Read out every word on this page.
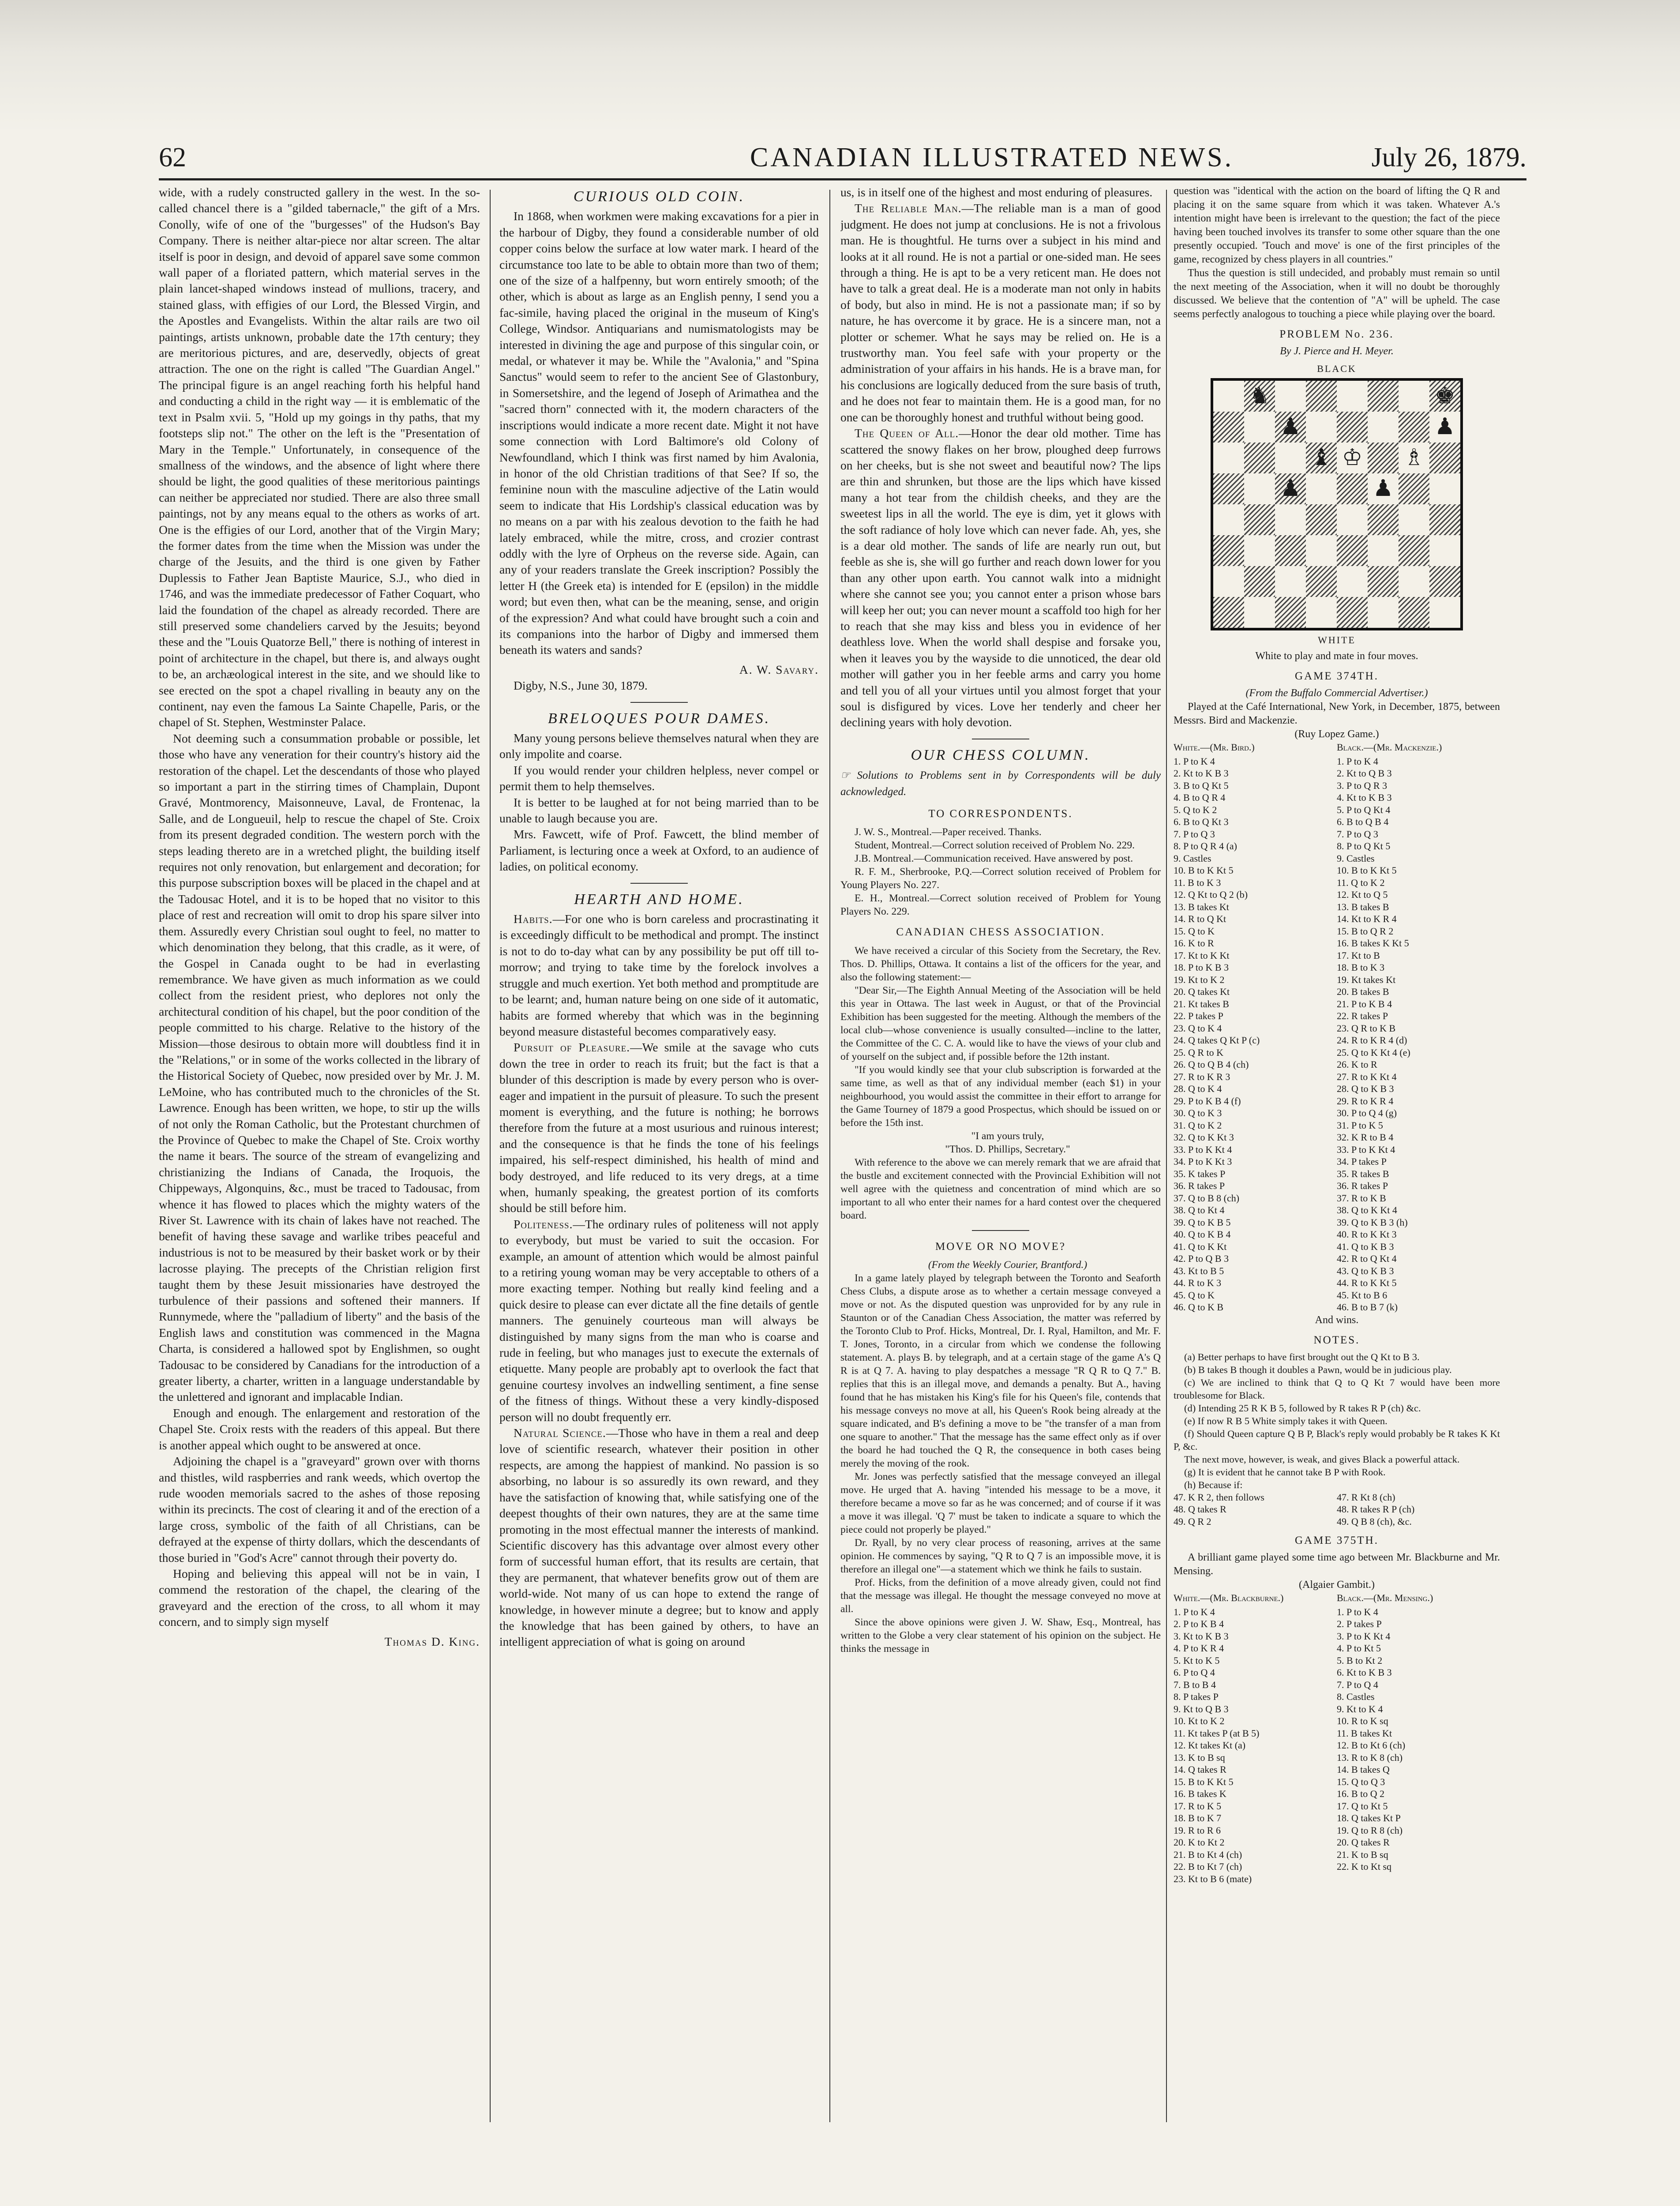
62	CANADIAN ILLUSTRATED NEWS.	July 26, 1879.

wide, with a rudely constructed gallery in the west. In the so-called chancel there is a "gilded tabernacle," the gift of a Mrs. Conolly, wife of one of the "burgesses" of the Hudson's Bay Company. There is neither altar-piece nor altar screen. The altar itself is poor in design, and devoid of apparel save some common wall paper of a floriated pattern, which material serves in the plain lancet-shaped windows instead of mullions, tracery, and stained glass, with effigies of our Lord, the Blessed Virgin, and the Apostles and Evangelists. Within the altar rails are two oil paintings, artists unknown, probable date the 17th century; they are meritorious pictures, and are, deservedly, objects of great attraction. The one on the right is called "The Guardian Angel." The principal figure is an angel reaching forth his helpful hand and conducting a child in the right way — it is emblematic of the text in Psalm xvii. 5, "Hold up my goings in thy paths, that my footsteps slip not." The other on the left is the "Presentation of Mary in the Temple." Unfortunately, in consequence of the smallness of the windows, and the absence of light where there should be light, the good qualities of these meritorious paintings can neither be appreciated nor studied. There are also three small paintings, not by any means equal to the others as works of art. One is the effigies of our Lord, another that of the Virgin Mary; the former dates from the time when the Mission was under the charge of the Jesuits, and the third is one given by Father Duplessis to Father Jean Baptiste Maurice, S.J., who died in 1746, and was the immediate predecessor of Father Coquart, who laid the foundation of the chapel as already recorded. There are still preserved some chandeliers carved by the Jesuits; beyond these and the "Louis Quatorze Bell," there is nothing of interest in point of architecture in the chapel, but there is, and always ought to be, an archæological interest in the site, and we should like to see erected on the spot a chapel rivalling in beauty any on the continent, nay even the famous La Sainte Chapelle, Paris, or the chapel of St. Stephen, Westminster Palace.

Not deeming such a consummation probable or possible, let those who have any veneration for their country's history aid the restoration of the chapel. Let the descendants of those who played so important a part in the stirring times of Champlain, Dupont Gravé, Montmorency, Maisonneuve, Laval, de Frontenac, la Salle, and de Longueuil, help to rescue the chapel of Ste. Croix from its present degraded condition. The western porch with the steps leading thereto are in a wretched plight, the building itself requires not only renovation, but enlargement and decoration; for this purpose subscription boxes will be placed in the chapel and at the Tadousac Hotel, and it is to be hoped that no visitor to this place of rest and recreation will omit to drop his spare silver into them. Assuredly every Christian soul ought to feel, no matter to which denomination they belong, that this cradle, as it were, of the Gospel in Canada ought to be had in everlasting remembrance. We have given as much information as we could collect from the resident priest, who deplores not only the architectural condition of his chapel, but the poor condition of the people committed to his charge. Relative to the history of the Mission—those desirous to obtain more will doubtless find it in the "Relations," or in some of the works collected in the library of the Historical Society of Quebec, now presided over by Mr. J. M. LeMoine, who has contributed much to the chronicles of the St. Lawrence. Enough has been written, we hope, to stir up the wills of not only the Roman Catholic, but the Protestant churchmen of the Province of Quebec to make the Chapel of Ste. Croix worthy the name it bears. The source of the stream of evangelizing and christianizing the Indians of Canada, the Iroquois, the Chippeways, Algonquins, &c., must be traced to Tadousac, from whence it has flowed to places which the mighty waters of the River St. Lawrence with its chain of lakes have not reached. The benefit of having these savage and warlike tribes peaceful and industrious is not to be measured by their basket work or by their lacrosse playing. The precepts of the Christian religion first taught them by these Jesuit missionaries have destroyed the turbulence of their passions and softened their manners. If Runnymede, where the "palladium of liberty" and the basis of the English laws and constitution was commenced in the Magna Charta, is considered a hallowed spot by Englishmen, so ought Tadousac to be considered by Canadians for the introduction of a greater liberty, a charter, written in a language understandable by the unlettered and ignorant and implacable Indian.

Enough and enough. The enlargement and restoration of the Chapel Ste. Croix rests with the readers of this appeal. But there is another appeal which ought to be answered at once.

Adjoining the chapel is a "graveyard" grown over with thorns and thistles, wild raspberries and rank weeds, which overtop the rude wooden memorials sacred to the ashes of those reposing within its precincts. The cost of clearing it and of the erection of a large cross, symbolic of the faith of all Christians, can be defrayed at the expense of thirty dollars, which the descendants of those buried in "God's Acre" cannot through their poverty do.

Hoping and believing this appeal will not be in vain, I commend the restoration of the chapel, the clearing of the graveyard and the erection of the cross, to all whom it may concern, and to simply sign myself

Thomas D. King.
CURIOUS OLD COIN.

In 1868, when workmen were making excavations for a pier in the harbour of Digby, they found a considerable number of old copper coins below the surface at low water mark. I heard of the circumstance too late to be able to obtain more than two of them; one of the size of a halfpenny, but worn entirely smooth; of the other, which is about as large as an English penny, I send you a fac-simile, having placed the original in the museum of King's College, Windsor. Antiquarians and numismatologists may be interested in divining the age and purpose of this singular coin, or medal, or whatever it may be. While the "Avalonia," and "Spina Sanctus" would seem to refer to the ancient See of Glastonbury, in Somersetshire, and the legend of Joseph of Arimathea and the "sacred thorn" connected with it, the modern characters of the inscriptions would indicate a more recent date. Might it not have some connection with Lord Baltimore's old Colony of Newfoundland, which I think was first named by him Avalonia, in honor of the old Christian traditions of that See? If so, the feminine noun with the masculine adjective of the Latin would seem to indicate that His Lordship's classical education was by no means on a par with his zealous devotion to the faith he had lately embraced, while the mitre, cross, and crozier contrast oddly with the lyre of Orpheus on the reverse side. Again, can any of your readers translate the Greek inscription? Possibly the letter H (the Greek eta) is intended for E (epsilon) in the middle word; but even then, what can be the meaning, sense, and origin of the expression? And what could have brought such a coin and its companions into the harbor of Digby and immersed them beneath its waters and sands?

A. W. Savary.

Digby, N.S., June 30, 1879.

BRELOQUES POUR DAMES.

Many young persons believe themselves natural when they are only impolite and coarse.

If you would render your children helpless, never compel or permit them to help themselves.

It is better to be laughed at for not being married than to be unable to laugh because you are.

Mrs. Fawcett, wife of Prof. Fawcett, the blind member of Parliament, is lecturing once a week at Oxford, to an audience of ladies, on political economy.

HEARTH AND HOME.

Habits.—For one who is born careless and procrastinating it is exceedingly difficult to be methodical and prompt. The instinct is not to do to-day what can by any possibility be put off till to-morrow; and trying to take time by the forelock involves a struggle and much exertion. Yet both method and promptitude are to be learnt; and, human nature being on one side of it automatic, habits are formed whereby that which was in the beginning beyond measure distasteful becomes comparatively easy.

Pursuit of Pleasure.—We smile at the savage who cuts down the tree in order to reach its fruit; but the fact is that a blunder of this description is made by every person who is over-eager and impatient in the pursuit of pleasure. To such the present moment is everything, and the future is nothing; he borrows therefore from the future at a most usurious and ruinous interest; and the consequence is that he finds the tone of his feelings impaired, his self-respect diminished, his health of mind and body destroyed, and life reduced to its very dregs, at a time when, humanly speaking, the greatest portion of its comforts should be still before him.

Politeness.—The ordinary rules of politeness will not apply to everybody, but must be varied to suit the occasion. For example, an amount of attention which would be almost painful to a retiring young woman may be very acceptable to others of a more exacting temper. Nothing but really kind feeling and a quick desire to please can ever dictate all the fine details of gentle manners. The genuinely courteous man will always be distinguished by many signs from the man who is coarse and rude in feeling, but who manages just to execute the externals of etiquette. Many people are probably apt to overlook the fact that genuine courtesy involves an indwelling sentiment, a fine sense of the fitness of things. Without these a very kindly-disposed person will no doubt frequently err.

Natural Science.—Those who have in them a real and deep love of scientific research, whatever their position in other respects, are among the happiest of mankind. No passion is so absorbing, no labour is so assuredly its own reward, and they have the satisfaction of knowing that, while satisfying one of the deepest thoughts of their own natures, they are at the same time promoting in the most effectual manner the interests of mankind. Scientific discovery has this advantage over almost every other form of successful human effort, that its results are certain, that they are permanent, that whatever benefits grow out of them are world-wide. Not many of us can hope to extend the range of knowledge, in however minute a degree; but to know and apply the knowledge that has been gained by others, to have an intelligent appreciation of what is going on around

us, is in itself one of the highest and most enduring of pleasures.

The Reliable Man.—The reliable man is a man of good judgment. He does not jump at conclusions. He is not a frivolous man. He is thoughtful. He turns over a subject in his mind and looks at it all round. He is not a partial or one-sided man. He sees through a thing. He is apt to be a very reticent man. He does not have to talk a great deal. He is a moderate man not only in habits of body, but also in mind. He is not a passionate man; if so by nature, he has overcome it by grace. He is a sincere man, not a plotter or schemer. What he says may be relied on. He is a trustworthy man. You feel safe with your property or the administration of your affairs in his hands. He is a brave man, for his conclusions are logically deduced from the sure basis of truth, and he does not fear to maintain them. He is a good man, for no one can be thoroughly honest and truthful without being good.

The Queen of All.—Honor the dear old mother. Time has scattered the snowy flakes on her brow, ploughed deep furrows on her cheeks, but is she not sweet and beautiful now? The lips are thin and shrunken, but those are the lips which have kissed many a hot tear from the childish cheeks, and they are the sweetest lips in all the world. The eye is dim, yet it glows with the soft radiance of holy love which can never fade. Ah, yes, she is a dear old mother. The sands of life are nearly run out, but feeble as she is, she will go further and reach down lower for you than any other upon earth. You cannot walk into a midnight where she cannot see you; you cannot enter a prison whose bars will keep her out; you can never mount a scaffold too high for her to reach that she may kiss and bless you in evidence of her deathless love. When the world shall despise and forsake you, when it leaves you by the wayside to die unnoticed, the dear old mother will gather you in her feeble arms and carry you home and tell you of all your virtues until you almost forget that your soul is disfigured by vices. Love her tenderly and cheer her declining years with holy devotion.

OUR CHESS COLUMN.
☞ Solutions to Problems sent in by Correspondents will be duly acknowledged.
TO CORRESPONDENTS.

J. W. S., Montreal.—Paper received. Thanks.

Student, Montreal.—Correct solution received of Problem No. 229.

J.B. Montreal.—Communication received. Have answered by post.

R. F. M., Sherbrooke, P.Q.—Correct solution received of Problem for Young Players No. 227.

E. H., Montreal.—Correct solution received of Problem for Young Players No. 229.

CANADIAN CHESS ASSOCIATION.

We have received a circular of this Society from the Secretary, the Rev. Thos. D. Phillips, Ottawa. It contains a list of the officers for the year, and also the following statement:—

"Dear Sir,—The Eighth Annual Meeting of the Association will be held this year in Ottawa. The last week in August, or that of the Provincial Exhibition has been suggested for the meeting. Although the members of the local club—whose convenience is usually consulted—incline to the latter, the Committee of the C. C. A. would like to have the views of your club and of yourself on the subject and, if possible before the 12th instant.

"If you would kindly see that your club subscription is forwarded at the same time, as well as that of any individual member (each $1) in your neighbourhood, you would assist the committee in their effort to arrange for the Game Tourney of 1879 a good Prospectus, which should be issued on or before the 15th inst.

"I am yours truly,

"Thos. D. Phillips, Secretary."

With reference to the above we can merely remark that we are afraid that the bustle and excitement connected with the Provincial Exhibition will not well agree with the quietness and concentration of mind which are so important to all who enter their names for a hard contest over the chequered board.

MOVE OR NO MOVE?

(From the Weekly Courier, Brantford.)

In a game lately played by telegraph between the Toronto and Seaforth Chess Clubs, a dispute arose as to whether a certain message conveyed a move or not. As the disputed question was unprovided for by any rule in Staunton or of the Canadian Chess Association, the matter was referred by the Toronto Club to Prof. Hicks, Montreal, Dr. I. Ryal, Hamilton, and Mr. F. T. Jones, Toronto, in a circular from which we condense the following statement. A. plays B. by telegraph, and at a certain stage of the game A's Q R is at Q 7. A. having to play despatches a message "R Q R to Q 7." B. replies that this is an illegal move, and demands a penalty. But A., having found that he has mistaken his King's file for his Queen's file, contends that his message conveys no move at all, his Queen's Rook being already at the square indicated, and B's defining a move to be "the transfer of a man from one square to another." That the message has the same effect only as if over the board he had touched the Q R, the consequence in both cases being merely the moving of the rook.

Mr. Jones was perfectly satisfied that the message conveyed an illegal move. He urged that A. having "intended his message to be a move, it therefore became a move so far as he was concerned; and of course if it was a move it was illegal. 'Q 7' must be taken to indicate a square to which the piece could not properly be played."

Dr. Ryall, by no very clear process of reasoning, arrives at the same opinion. He commences by saying, "Q R to Q 7 is an impossible move, it is therefore an illegal one"—a statement which we think he fails to sustain.

Prof. Hicks, from the definition of a move already given, could not find that the message was illegal. He thought the message conveyed no move at all.

Since the above opinions were given J. W. Shaw, Esq., Montreal, has written to the Globe a very clear statement of his opinion on the subject. He thinks the message in

question was "identical with the action on the board of lifting the Q R and placing it on the same square from which it was taken. Whatever A.'s intention might have been is irrelevant to the question; the fact of the piece having been touched involves its transfer to some other square than the one presently occupied. 'Touch and move' is one of the first principles of the game, recognized by chess players in all countries."

Thus the question is still undecided, and probably must remain so until the next meeting of the Association, when it will no doubt be thoroughly discussed. We believe that the contention of "A" will be upheld. The case seems perfectly analogous to touching a piece while playing over the board.

PROBLEM No. 236.
By J. Pierce and H. Meyer.
BLACK
♞	♚
♟	♟
♝ ♔ ♗
♟	♟
WHITE
White to play and mate in four moves.
GAME 374TH.
(From the Buffalo Commercial Advertiser.)

Played at the Café International, New York, in December, 1875, between Messrs. Bird and Mackenzie.

(Ruy Lopez Game.)
White.—(Mr. Bird.)	Black.—(Mr. Mackenzie.)
1. P to K 4	1. P to K 4
2. Kt to K B 3	2. Kt to Q B 3
3. B to Q Kt 5	3. P to Q R 3
4. B to Q R 4	4. Kt to K B 3
5. Q to K 2	5. P to Q Kt 4
6. B to Q Kt 3	6. B to Q B 4
7. P to Q 3	7. P to Q 3
8. P to Q R 4 (a)	8. P to Q Kt 5
9. Castles	9. Castles
10. B to K Kt 5	10. B to K Kt 5
11. B to K 3	11. Q to K 2
12. Q Kt to Q 2 (b)	12. Kt to Q 5
13. B takes Kt	13. B takes B
14. R to Q Kt	14. Kt to K R 4
15. Q to K	15. B to Q R 2
16. K to R	16. B takes K Kt 5
17. Kt to K Kt	17. Kt to B
18. P to K B 3	18. B to K 3
19. Kt to K 2	19. Kt takes Kt
20. Q takes Kt	20. B takes B
21. Kt takes B	21. P to K B 4
22. P takes P	22. R takes P
23. Q to K 4	23. Q R to K B
24. Q takes Q Kt P (c)	24. R to K R 4 (d)
25. Q R to K	25. Q to K Kt 4 (e)
26. Q to Q B 4 (ch)	26. K to R
27. R to K R 3	27. R to K Kt 4
28. Q to K 4	28. Q to K B 3
29. P to K B 4 (f)	29. R to K R 4
30. Q to K 3	30. P to Q 4 (g)
31. Q to K 2	31. P to K 5
32. Q to K Kt 3	32. K R to B 4
33. P to K Kt 4	33. P to K Kt 4
34. P to K Kt 3	34. P takes P
35. K takes P	35. R takes B
36. R takes P	36. R takes P
37. Q to B 8 (ch)	37. R to K B
38. Q to Kt 4	38. Q to K Kt 4
39. Q to K B 5	39. Q to K B 3 (h)
40. Q to K B 4	40. R to K Kt 3
41. Q to K Kt	41. Q to K B 3
42. P to Q B 3	42. R to Q Kt 4
43. Kt to B 5	43. Q to K B 3
44. R to K 3	44. R to K Kt 5
45. Q to K	45. Kt to B 6
46. Q to K B	46. B to B 7 (k)
And wins.
NOTES.

(a) Better perhaps to have first brought out the Q Kt to B 3.

(b) B takes B though it doubles a Pawn, would be in judicious play.

(c) We are inclined to think that Q to Q Kt 7 would have been more troublesome for Black.

(d) Intending 25 R K B 5, followed by R takes R P (ch) &c.

(e) If now R B 5 White simply takes it with Queen.

(f) Should Queen capture Q B P, Black's reply would probably be R takes K Kt P, &c.

The next move, however, is weak, and gives Black a powerful attack.

(g) It is evident that he cannot take B P with Rook.

(h) Because if:

47. K R 2, then follows	47. R Kt 8 (ch)
48. Q takes R	48. R takes R P (ch)
49. Q R 2	49. Q B 8 (ch), &c.
GAME 375TH.

A brilliant game played some time ago between Mr. Blackburne and Mr. Mensing.

(Algaier Gambit.)
White.—(Mr. Blackburne.)	Black.—(Mr. Mensing.)
1. P to K 4	1. P to K 4
2. P to K B 4	2. P takes P
3. Kt to K B 3	3. P to K Kt 4
4. P to K R 4	4. P to Kt 5
5. Kt to K 5	5. B to Kt 2
6. P to Q 4	6. Kt to K B 3
7. B to B 4	7. P to Q 4
8. P takes P	8. Castles
9. Kt to Q B 3	9. Kt to K 4
10. Kt to K 2	10. R to K sq
11. Kt takes P (at B 5)	11. B takes Kt
12. Kt takes Kt (a)	12. B to Kt 6 (ch)
13. K to B sq	13. R to K 8 (ch)
14. Q takes R	14. B takes Q
15. B to K Kt 5	15. Q to Q 3
16. B takes K	16. B to Q 2
17. R to K 5	17. Q to Kt 5
18. B to K 7	18. Q takes Kt P
19. R to R 6	19. Q to R 8 (ch)
20. K to Kt 2	20. Q takes R
21. B to Kt 4 (ch)	21. K to B sq
22. B to Kt 7 (ch)	22. K to Kt sq
23. Kt to B 6 (mate)	
